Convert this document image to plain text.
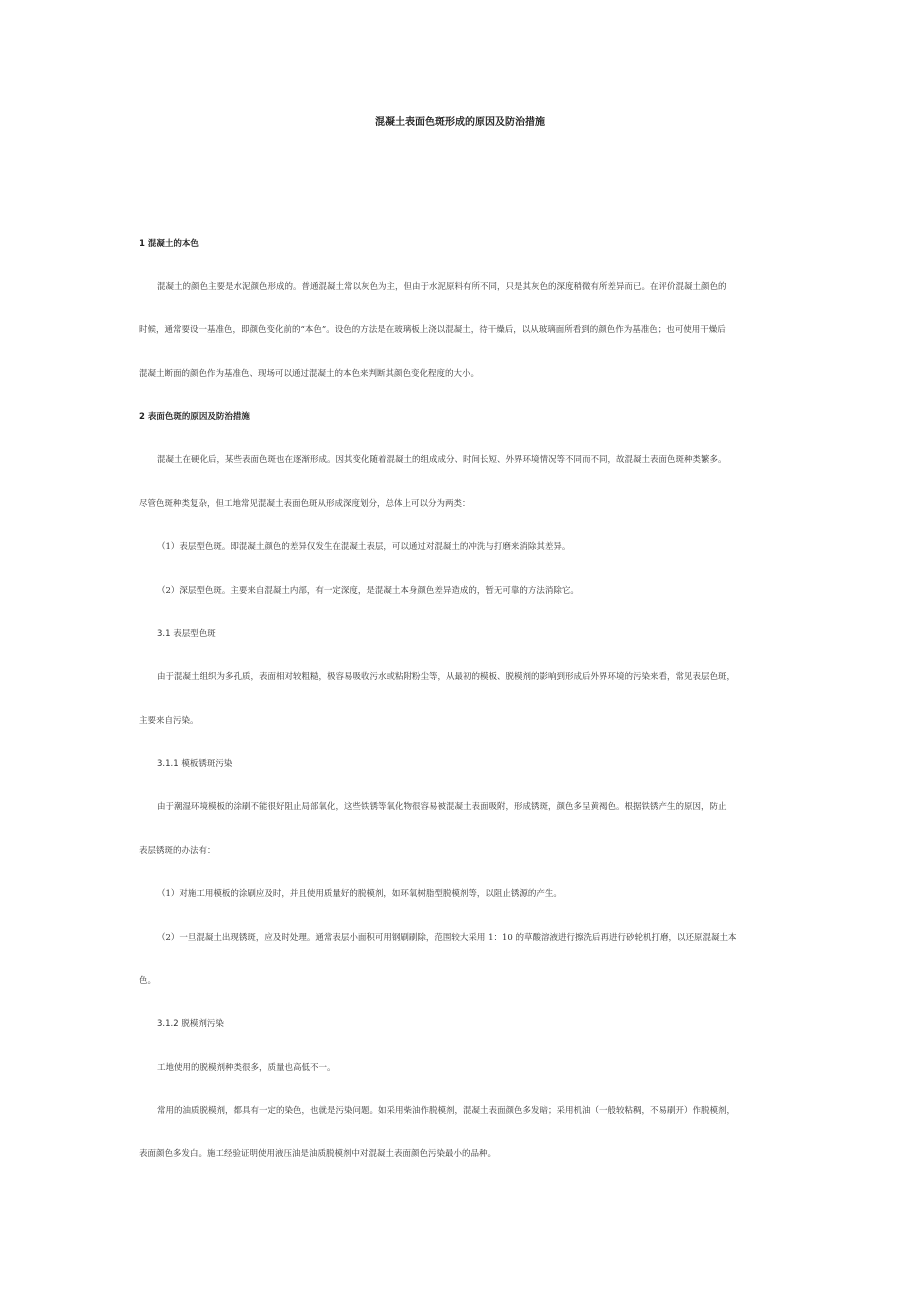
混凝土表面色斑形成的原因及防治措施
1 混凝土的本色
混凝土的颜色主要是水泥颜色形成的。普通混凝土常以灰色为主，但由于水泥原料有所不同，只是其灰色的深度稍微有所差异而已。在评价混凝土颜色的
时候，通常要设一基准色，即颜色变化前的“本色”。设色的方法是在玻璃板上浇以混凝土，待干燥后，以从玻璃面所看到的颜色作为基准色；也可使用干燥后
混凝土断面的颜色作为基准色、现场可以通过混凝土的本色来判断其颜色变化程度的大小。
2 表面色斑的原因及防治措施
混凝土在硬化后，某些表面色斑也在逐渐形成。因其变化随着混凝土的组成成分、时间长短、外界环境情况等不同而不同，故混凝土表面色斑种类繁多。
尽管色斑种类复杂，但工地常见混凝土表面色斑从形成深度划分，总体上可以分为两类：
（1）表层型色斑。即混凝土颜色的差异仅发生在混凝土表层，可以通过对混凝土的冲洗与打磨来消除其差异。
（2）深层型色斑。主要来自混凝土内部，有一定深度，是混凝土本身颜色差异造成的，暂无可靠的方法消除它。
3.1 表层型色斑
由于混凝土组织为多孔质，表面相对较粗糙，极容易吸收污水或粘附粉尘等，从最初的模板、脱模剂的影响到形成后外界环境的污染来看，常见表层色斑，
主要来自污染。
3.1.1 模板锈斑污染
由于潮湿环境模板的涂刷不能很好阻止局部氧化，这些铁锈等氧化物很容易被混凝土表面吸附，形成锈斑，颜色多呈黄褐色。根据铁锈产生的原因，防止
表层锈斑的办法有：
（1）对施工用模板的涂刷应及时，并且使用质量好的脱模剂，如环氧树脂型脱模剂等，以阻止锈源的产生。
（2）一旦混凝土出现锈斑，应及时处理。通常表层小面积可用钢刷刷除，范围较大采用 1：10 的草酸溶液进行擦洗后再进行砂轮机打磨，以还原混凝土本
色。
3.1.2 脱模剂污染
工地使用的脱模剂种类很多，质量也高低不一。
常用的油质脱模剂，都具有一定的染色，也就是污染问题。如采用柴油作脱模剂，混凝土表面颜色多发暗；采用机油（一般较粘稠，不易刷开）作脱模剂，
表面颜色多发白。施工经验证明使用液压油是油质脱模剂中对混凝土表面颜色污染最小的品种。
